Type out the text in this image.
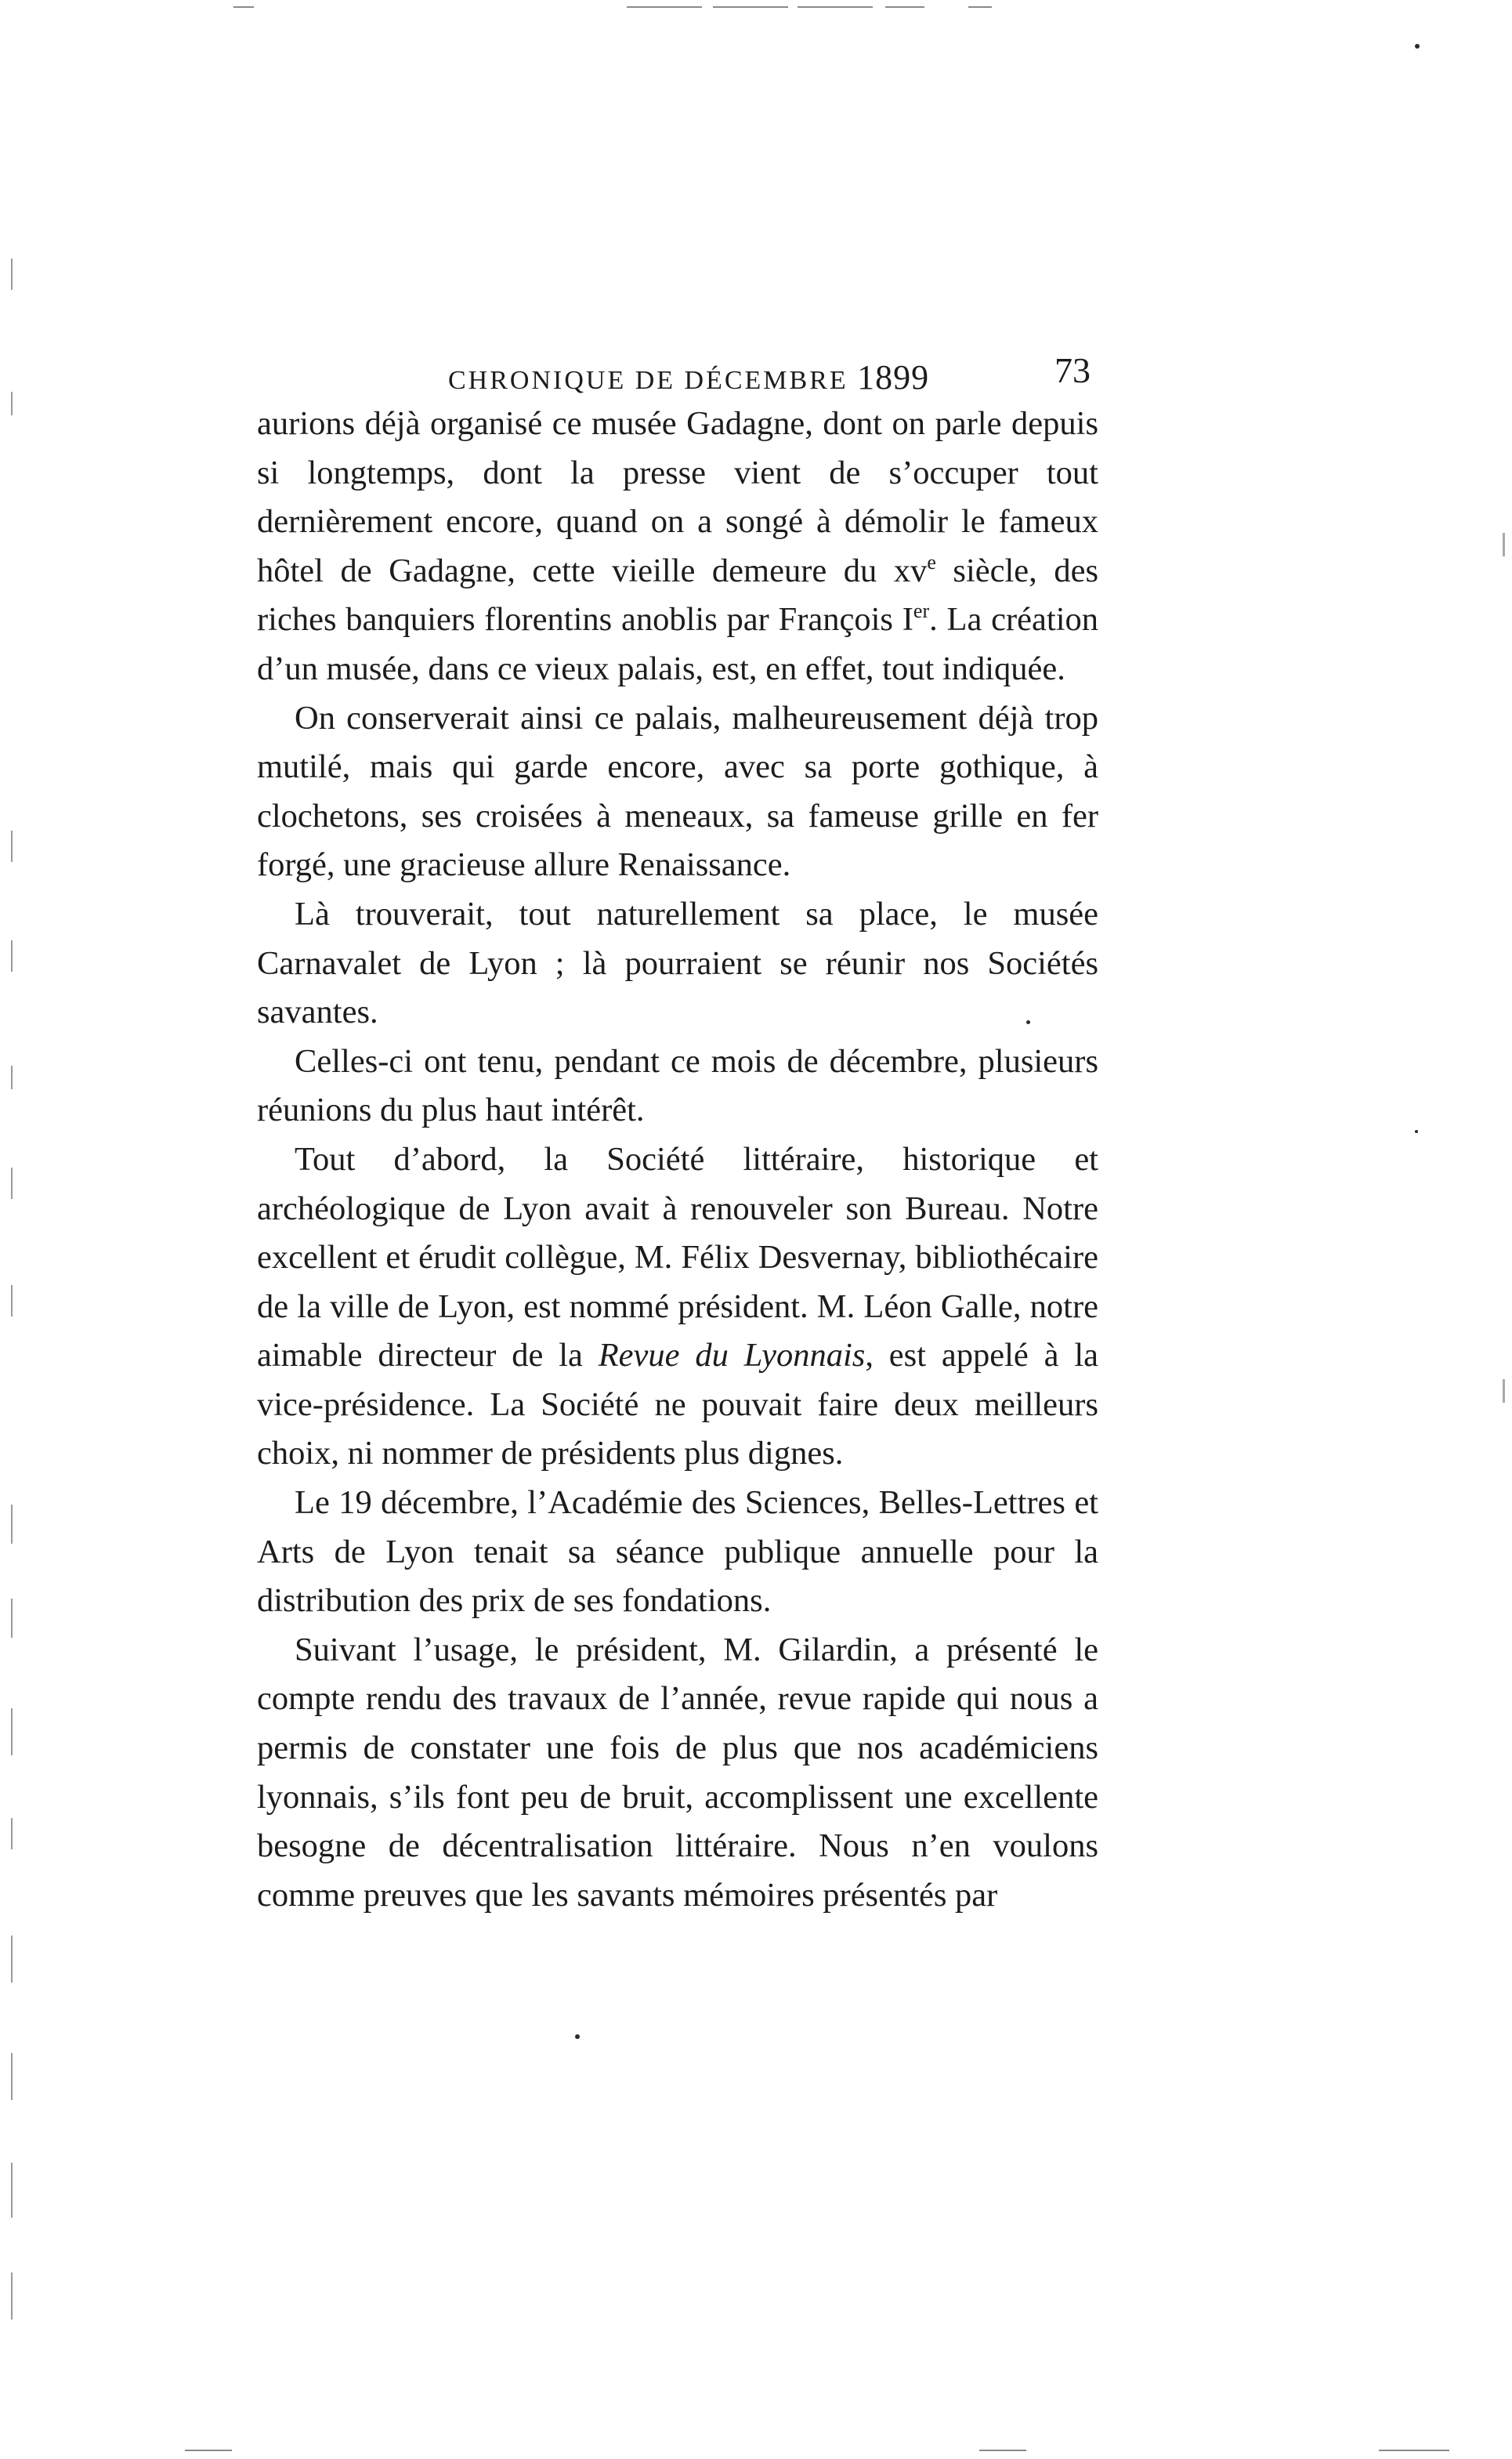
CHRONIQUE DE DÉCEMBRE 1899	73

aurions déjà organisé ce musée Gadagne, dont on parle depuis si longtemps, dont la presse vient de s’occuper tout dernièrement encore, quand on a songé à démolir le fameux hôtel de Gadagne, cette vieille demeure du $xv^e$ siècle, des riches banquiers florentins anoblis par François Ier. La création d’un musée, dans ce vieux palais, est, en effet, tout indiquée.

On conserverait ainsi ce palais, malheureusement déjà trop mutilé, mais qui garde encore, avec sa porte gothique, à clochetons, ses croisées à meneaux, sa fameuse grille en fer forgé, une gracieuse allure Renaissance.

Là trouverait, tout naturellement sa place, le musée Carnavalet de Lyon ; là pourraient se réunir nos Sociétés savantes.

Celles-ci ont tenu, pendant ce mois de décembre, plusieurs réunions du plus haut intérêt.

Tout d’abord, la Société littéraire, historique et archéologique de Lyon avait à renouveler son Bureau. Notre excellent et érudit collègue, M. Félix Desvernay, bibliothécaire de la ville de Lyon, est nommé président. M. Léon Galle, notre aimable directeur de la Revue du Lyonnais, est appelé à la vice-présidence. La Société ne pouvait faire deux meilleurs choix, ni nommer de présidents plus dignes.

Le 19 décembre, l’Académie des Sciences, Belles-Lettres et Arts de Lyon tenait sa séance publique annuelle pour la distribution des prix de ses fondations.

Suivant l’usage, le président, M. Gilardin, a présenté le compte rendu des travaux de l’année, revue rapide qui nous a permis de constater une fois de plus que nos académiciens lyonnais, s’ils font peu de bruit, accomplissent une excellente besogne de décentralisation littéraire. Nous n’en voulons comme preuves que les savants mémoires présentés par
